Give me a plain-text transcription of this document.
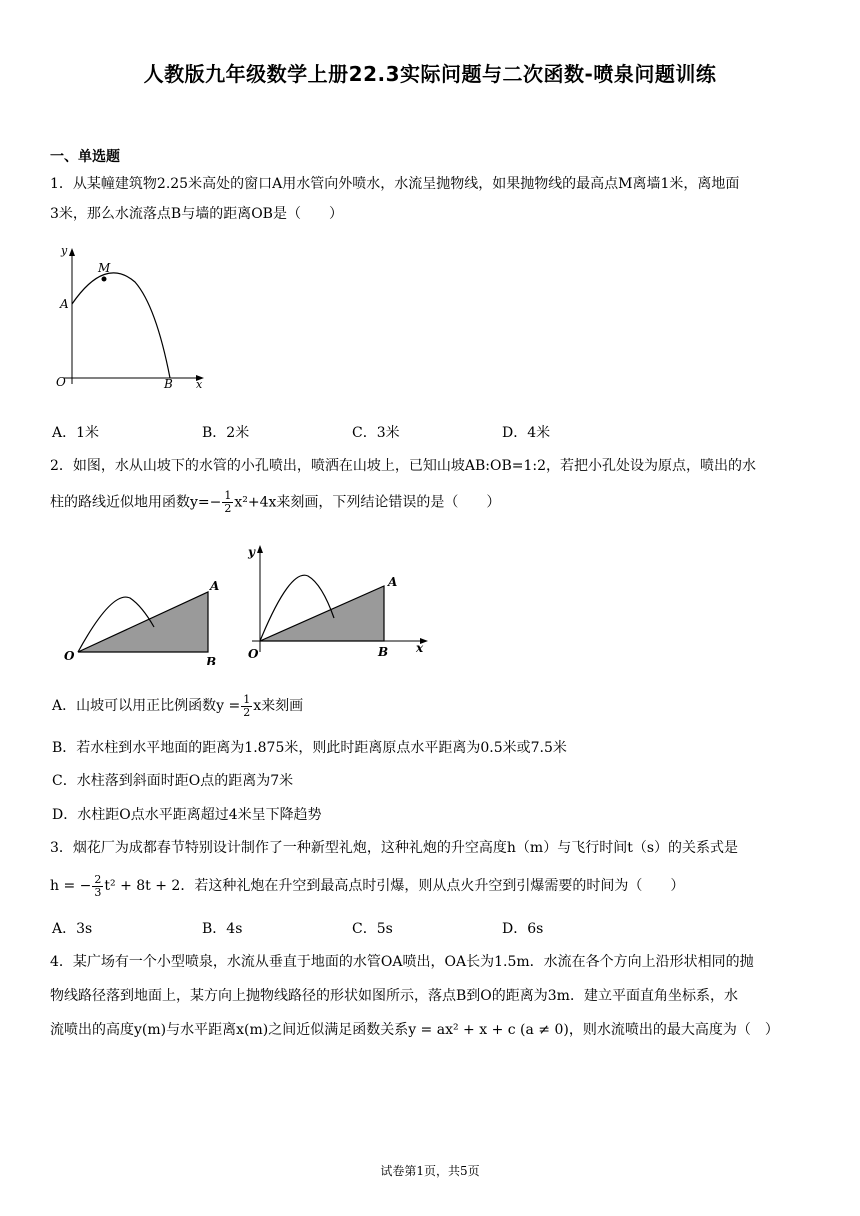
人教版九年级数学上册22.3实际问题与二次函数-喷泉问题训练
一、单选题
1．从某幢建筑物2.25米高处的窗口A用水管向外喷水，水流呈抛物线，如果抛物线的最高点M离墙1米，离地面
3米，那么水流落点B与墙的距离OB是（　　）
y
M
A
O	B x
A．1米	B．2米	C．3米	D．4米
2．如图，水从山坡下的水管的小孔喷出，喷洒在山坡上，已知山坡AB:OB=1:2，若把小孔处设为原点，喷出的水
柱的路线近似地用函数$y=- \frac{1}{2} x^2+4x$来刻画，下列结论错误的是（　　）
O
A
B
y
A
O	B x
A．山坡可以用正比例函数$y = \frac{1}{2}$ x来刻画
B．若水柱到水平地面的距离为1.875米，则此时距离原点水平距离为0.5米或7.5米
C．水柱落到斜面时距O点的距离为7米
D．水柱距O点水平距离超过4米呈下降趋势
3．烟花厂为成都春节特别设计制作了一种新型礼炮，这种礼炮的升空高度h（m）与飞行时间t（s）的关系式是
h = − $\frac{2}{3} t^2 + 8t + 2$．若这种礼炮在升空到最高点时引爆，则从点火升空到引爆需要的时间为（　　）
A．3s	B．4s	C．5s	D．6s
4．某广场有一个小型喷泉，水流从垂直于地面的水管OA喷出，OA长为1.5m．水流在各个方向上沿形状相同的抛
物线路径落到地面上，某方向上抛物线路径的形状如图所示，落点B到O的距离为3m．建立平面直角坐标系，水
流喷出的高度y(m)与水平距离x(m)之间近似满足函数关系y = ax² + x + c (a ≠ 0)，则水流喷出的最大高度为（　）
试卷第1页，共5页
